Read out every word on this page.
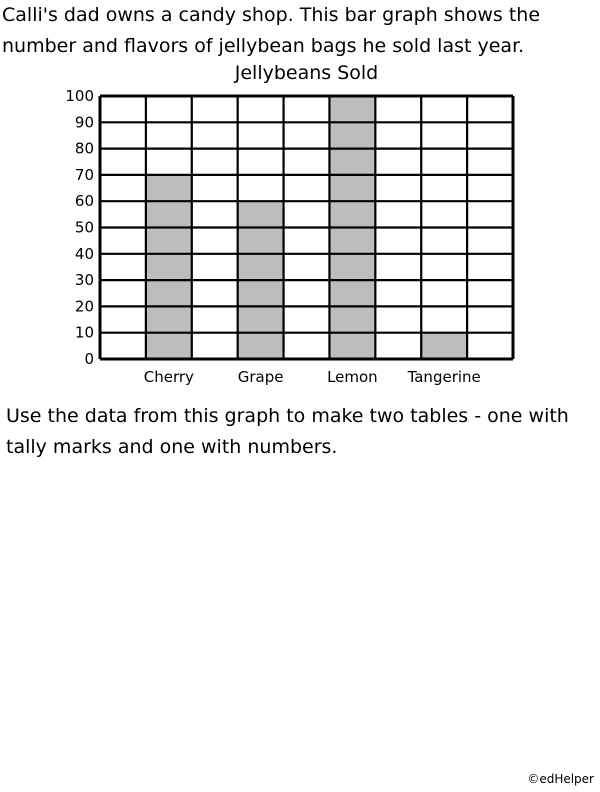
Calli's dad owns a candy shop. This bar graph shows the number and flavors of jellybean bags he sold last year.

Jellybeans Sold

0
10
20
30
40
50
60
70
80
90
100
Cherry	Grape	Lemon Tangerine

Use the data from this graph to make two tables - one with tally marks and one with numbers.

©edHelper
